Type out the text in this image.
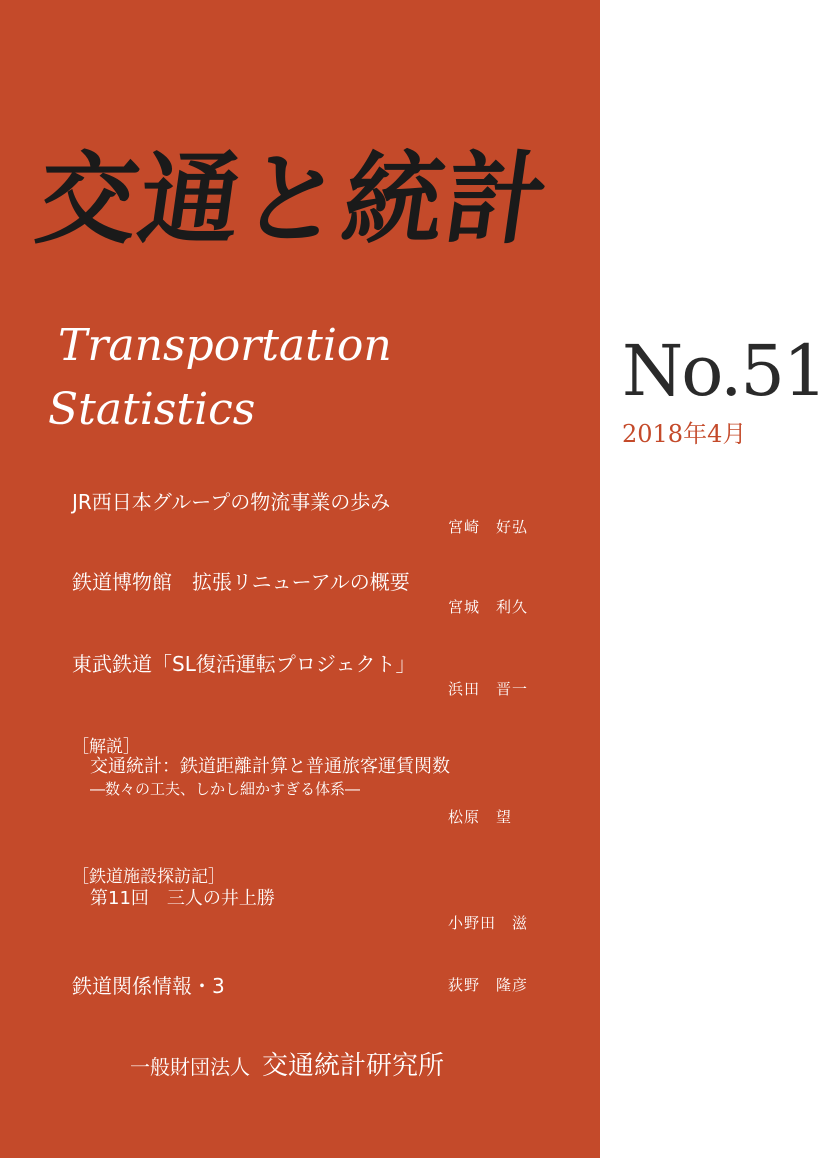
交通と統計
Transportation
Statistics	No.51
2018年4月
JR西日本グループの物流事業の歩み
宮崎　好弘
鉄道博物館　拡張リニューアルの概要
宮城　利久
東武鉄道「SL復活運転プロジェクト」
浜田　晋一
［解説］
交通統計：鉄道距離計算と普通旅客運賃関数
―数々の工夫、しかし細かすぎる体系―
松原　望
［鉄道施設探訪記］
第11回　三人の井上勝
小野田　滋
鉄道関係情報・3	荻野　隆彦
一般財団法人 交通統計研究所
